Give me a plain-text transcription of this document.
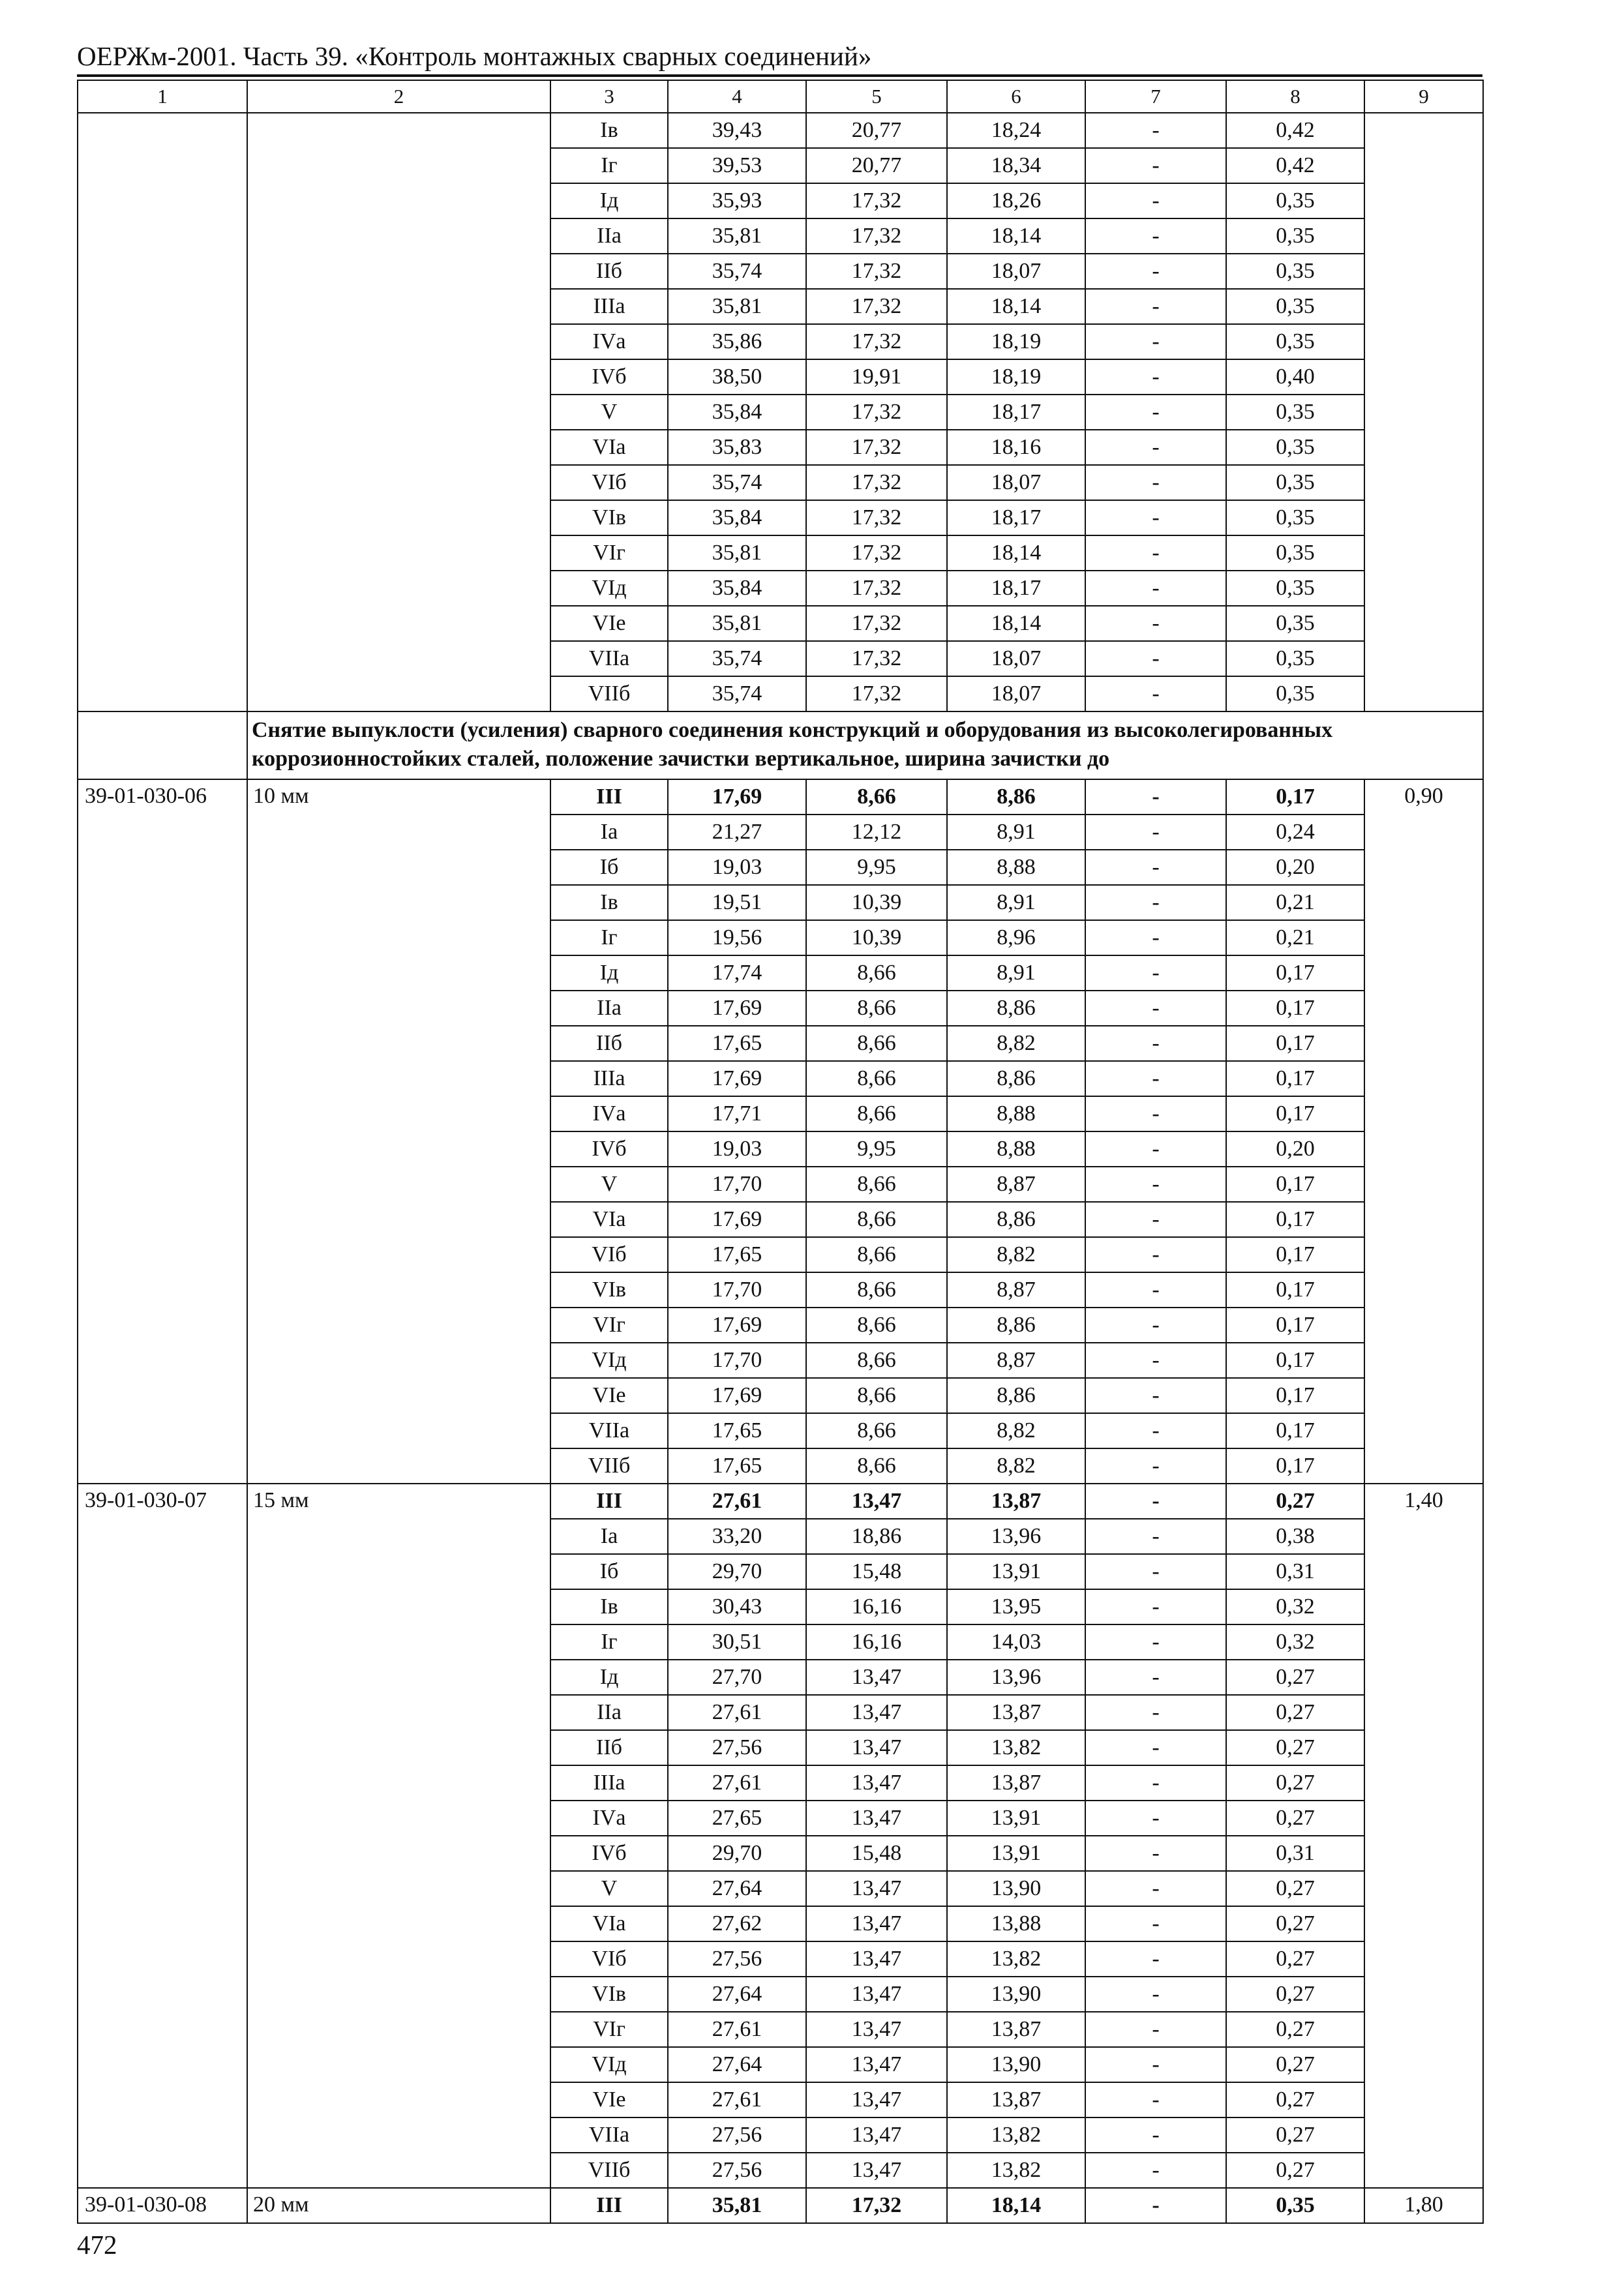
ОЕРЖм-2001. Часть 39. «Контроль монтажных сварных соединений»
1	2	3	4	5	6	7	8	9
		Iв	39,43	20,77	18,24	-	0,42	
		Iг	39,53	20,77	18,34	-	0,42	
		Iд	35,93	17,32	18,26	-	0,35	
		IIа	35,81	17,32	18,14	-	0,35	
		IIб	35,74	17,32	18,07	-	0,35	
		IIIа	35,81	17,32	18,14	-	0,35	
		IVа	35,86	17,32	18,19	-	0,35	
		IVб	38,50	19,91	18,19	-	0,40	
		V	35,84	17,32	18,17	-	0,35	
		VIа	35,83	17,32	18,16	-	0,35	
		VIб	35,74	17,32	18,07	-	0,35	
		VIв	35,84	17,32	18,17	-	0,35	
		VIг	35,81	17,32	18,14	-	0,35	
		VIд	35,84	17,32	18,17	-	0,35	
		VIе	35,81	17,32	18,14	-	0,35	
		VIIа	35,74	17,32	18,07	-	0,35	
		VIIб	35,74	17,32	18,07	-	0,35	
	Снятие выпуклости (усиления) сварного соединения конструкций и оборудования из высоколегированных коррозионностойких сталей, положение зачистки вертикальное, ширина зачистки до							
39-01-030-06	10 мм	III	17,69	8,66	8,86	-	0,17	0,90
		Iа	21,27	12,12	8,91	-	0,24	
		Iб	19,03	9,95	8,88	-	0,20	
		Iв	19,51	10,39	8,91	-	0,21	
		Iг	19,56	10,39	8,96	-	0,21	
		Iд	17,74	8,66	8,91	-	0,17	
		IIа	17,69	8,66	8,86	-	0,17	
		IIб	17,65	8,66	8,82	-	0,17	
		IIIа	17,69	8,66	8,86	-	0,17	
		IVа	17,71	8,66	8,88	-	0,17	
		IVб	19,03	9,95	8,88	-	0,20	
		V	17,70	8,66	8,87	-	0,17	
		VIа	17,69	8,66	8,86	-	0,17	
		VIб	17,65	8,66	8,82	-	0,17	
		VIв	17,70	8,66	8,87	-	0,17	
		VIг	17,69	8,66	8,86	-	0,17	
		VIд	17,70	8,66	8,87	-	0,17	
		VIе	17,69	8,66	8,86	-	0,17	
		VIIа	17,65	8,66	8,82	-	0,17	
		VIIб	17,65	8,66	8,82	-	0,17	
39-01-030-07	15 мм	III	27,61	13,47	13,87	-	0,27	1,40
		Iа	33,20	18,86	13,96	-	0,38	
		Iб	29,70	15,48	13,91	-	0,31	
		Iв	30,43	16,16	13,95	-	0,32	
		Iг	30,51	16,16	14,03	-	0,32	
		Iд	27,70	13,47	13,96	-	0,27	
		IIа	27,61	13,47	13,87	-	0,27	
		IIб	27,56	13,47	13,82	-	0,27	
		IIIа	27,61	13,47	13,87	-	0,27	
		IVа	27,65	13,47	13,91	-	0,27	
		IVб	29,70	15,48	13,91	-	0,31	
		V	27,64	13,47	13,90	-	0,27	
		VIа	27,62	13,47	13,88	-	0,27	
		VIб	27,56	13,47	13,82	-	0,27	
		VIв	27,64	13,47	13,90	-	0,27	
		VIг	27,61	13,47	13,87	-	0,27	
		VIд	27,64	13,47	13,90	-	0,27	
		VIе	27,61	13,47	13,87	-	0,27	
		VIIа	27,56	13,47	13,82	-	0,27	
		VIIб	27,56	13,47	13,82	-	0,27	
39-01-030-08	20 мм	III	35,81	17,32	18,14	-	0,35	1,80
472
